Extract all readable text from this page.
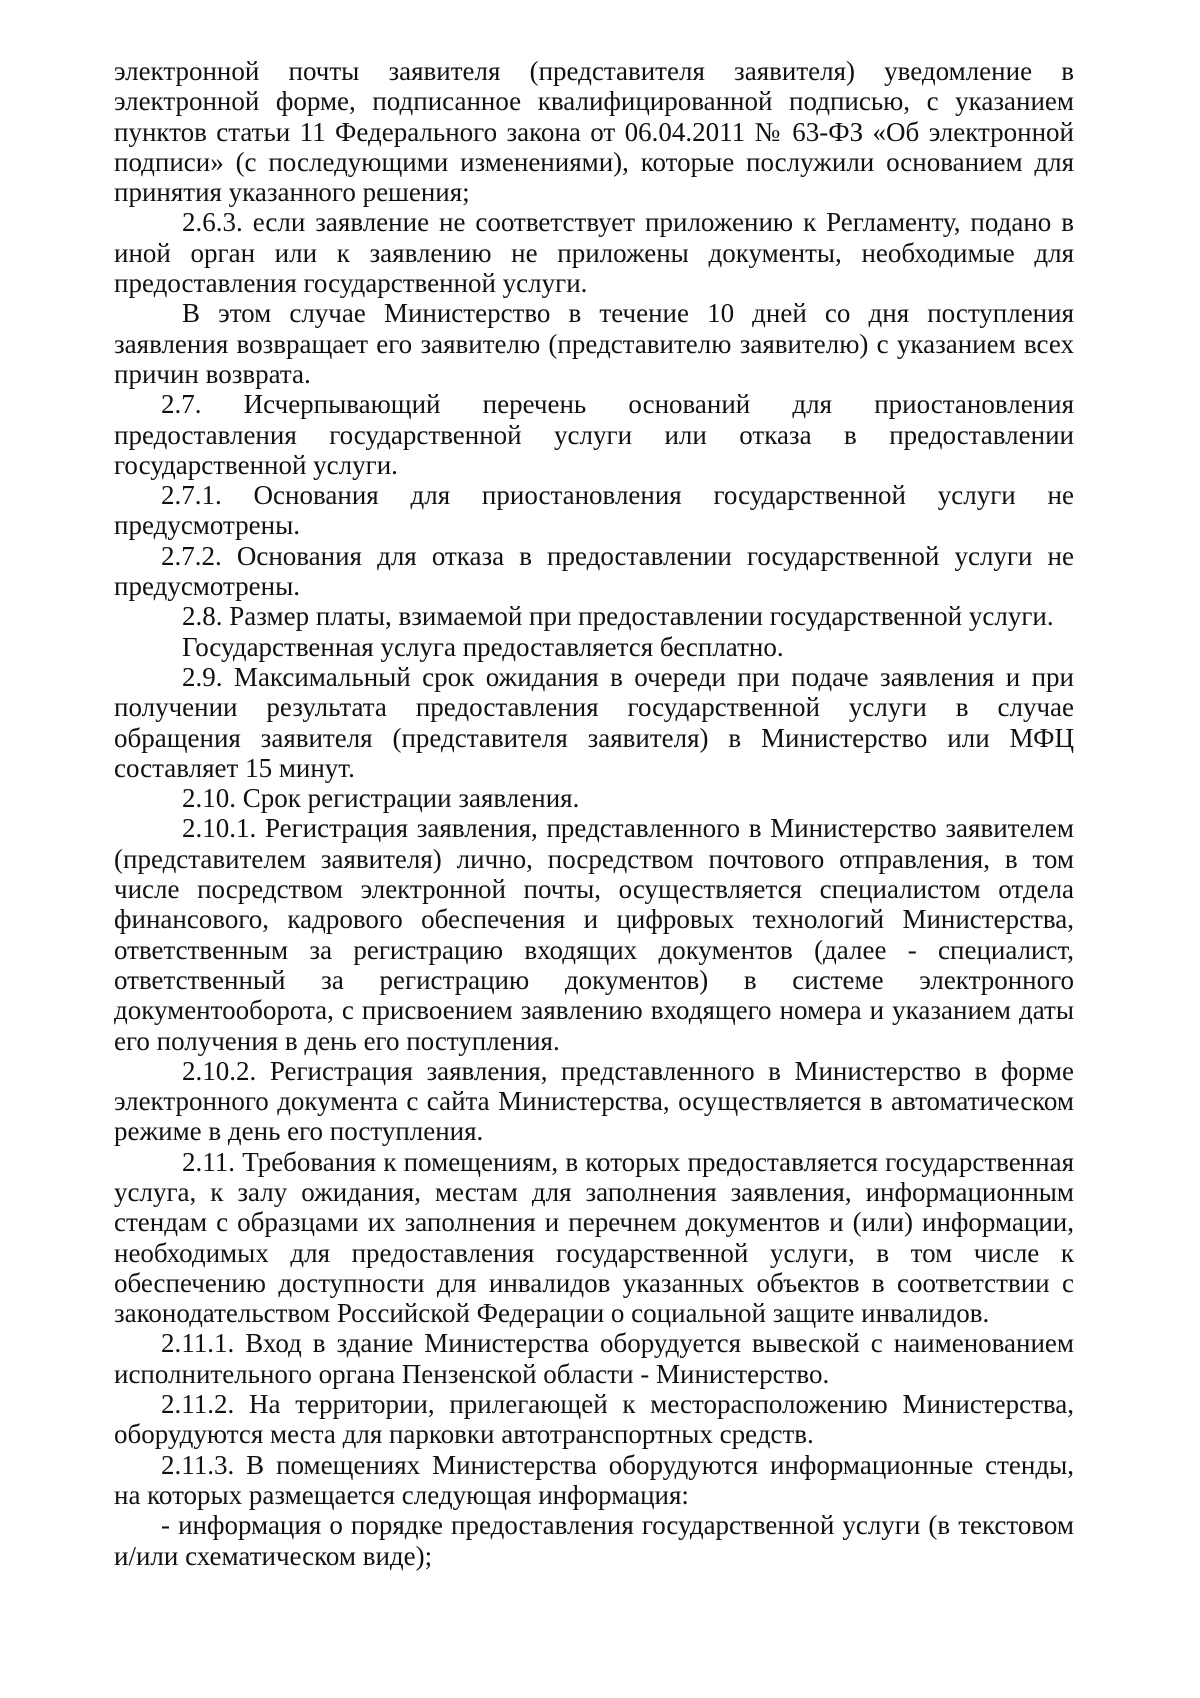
электронной почты заявителя (представителя заявителя) уведомление в электронной форме, подписанное квалифицированной подписью, с указанием пунктов статьи 11 Федерального закона от 06.04.2011 № 63-ФЗ «Об электронной подписи» (с последующими изменениями), которые послужили основанием для принятия указанного решения;

2.6.3. если заявление не соответствует приложению к Регламенту, подано в иной орган или к заявлению не приложены документы, необходимые для предоставления государственной услуги.

В этом случае Министерство в течение 10 дней со дня поступления заявления возвращает его заявителю (представителю заявителю) с указанием всех причин возврата.

2.7. Исчерпывающий перечень оснований для приостановления предоставления государственной услуги или отказа в предоставлении государственной услуги.

2.7.1. Основания для приостановления государственной услуги не предусмотрены.

2.7.2. Основания для отказа в предоставлении государственной услуги не предусмотрены.

2.8. Размер платы, взимаемой при предоставлении государственной услуги.

Государственная услуга предоставляется бесплатно.

2.9. Максимальный срок ожидания в очереди при подаче заявления и при получении результата предоставления государственной услуги в случае обращения заявителя (представителя заявителя) в Министерство или МФЦ составляет 15 минут.

2.10. Срок регистрации заявления.

2.10.1. Регистрация заявления, представленного в Министерство заявителем (представителем заявителя) лично, посредством почтового отправления, в том числе посредством электронной почты, осуществляется специалистом отдела финансового, кадрового обеспечения и цифровых технологий Министерства, ответственным за регистрацию входящих документов (далее - специалист, ответственный за регистрацию документов) в системе электронного документооборота, с присвоением заявлению входящего номера и указанием даты его получения в день его поступления.

2.10.2. Регистрация заявления, представленного в Министерство в форме электронного документа с сайта Министерства, осуществляется в автоматическом режиме в день его поступления.

2.11. Требования к помещениям, в которых предоставляется государственная услуга, к залу ожидания, местам для заполнения заявления, информационным стендам с образцами их заполнения и перечнем документов и (или) информации, необходимых для предоставления государственной услуги, в том числе к обеспечению доступности для инвалидов указанных объектов в соответствии с законодательством Российской Федерации о социальной защите инвалидов.

2.11.1. Вход в здание Министерства оборудуется вывеской с наименованием исполнительного органа Пензенской области - Министерство.

2.11.2. На территории, прилегающей к месторасположению Министерства, оборудуются места для парковки автотранспортных средств.

2.11.3. В помещениях Министерства оборудуются информационные стенды, на которых размещается следующая информация:

- информация о порядке предоставления государственной услуги (в текстовом и/или схематическом виде);
